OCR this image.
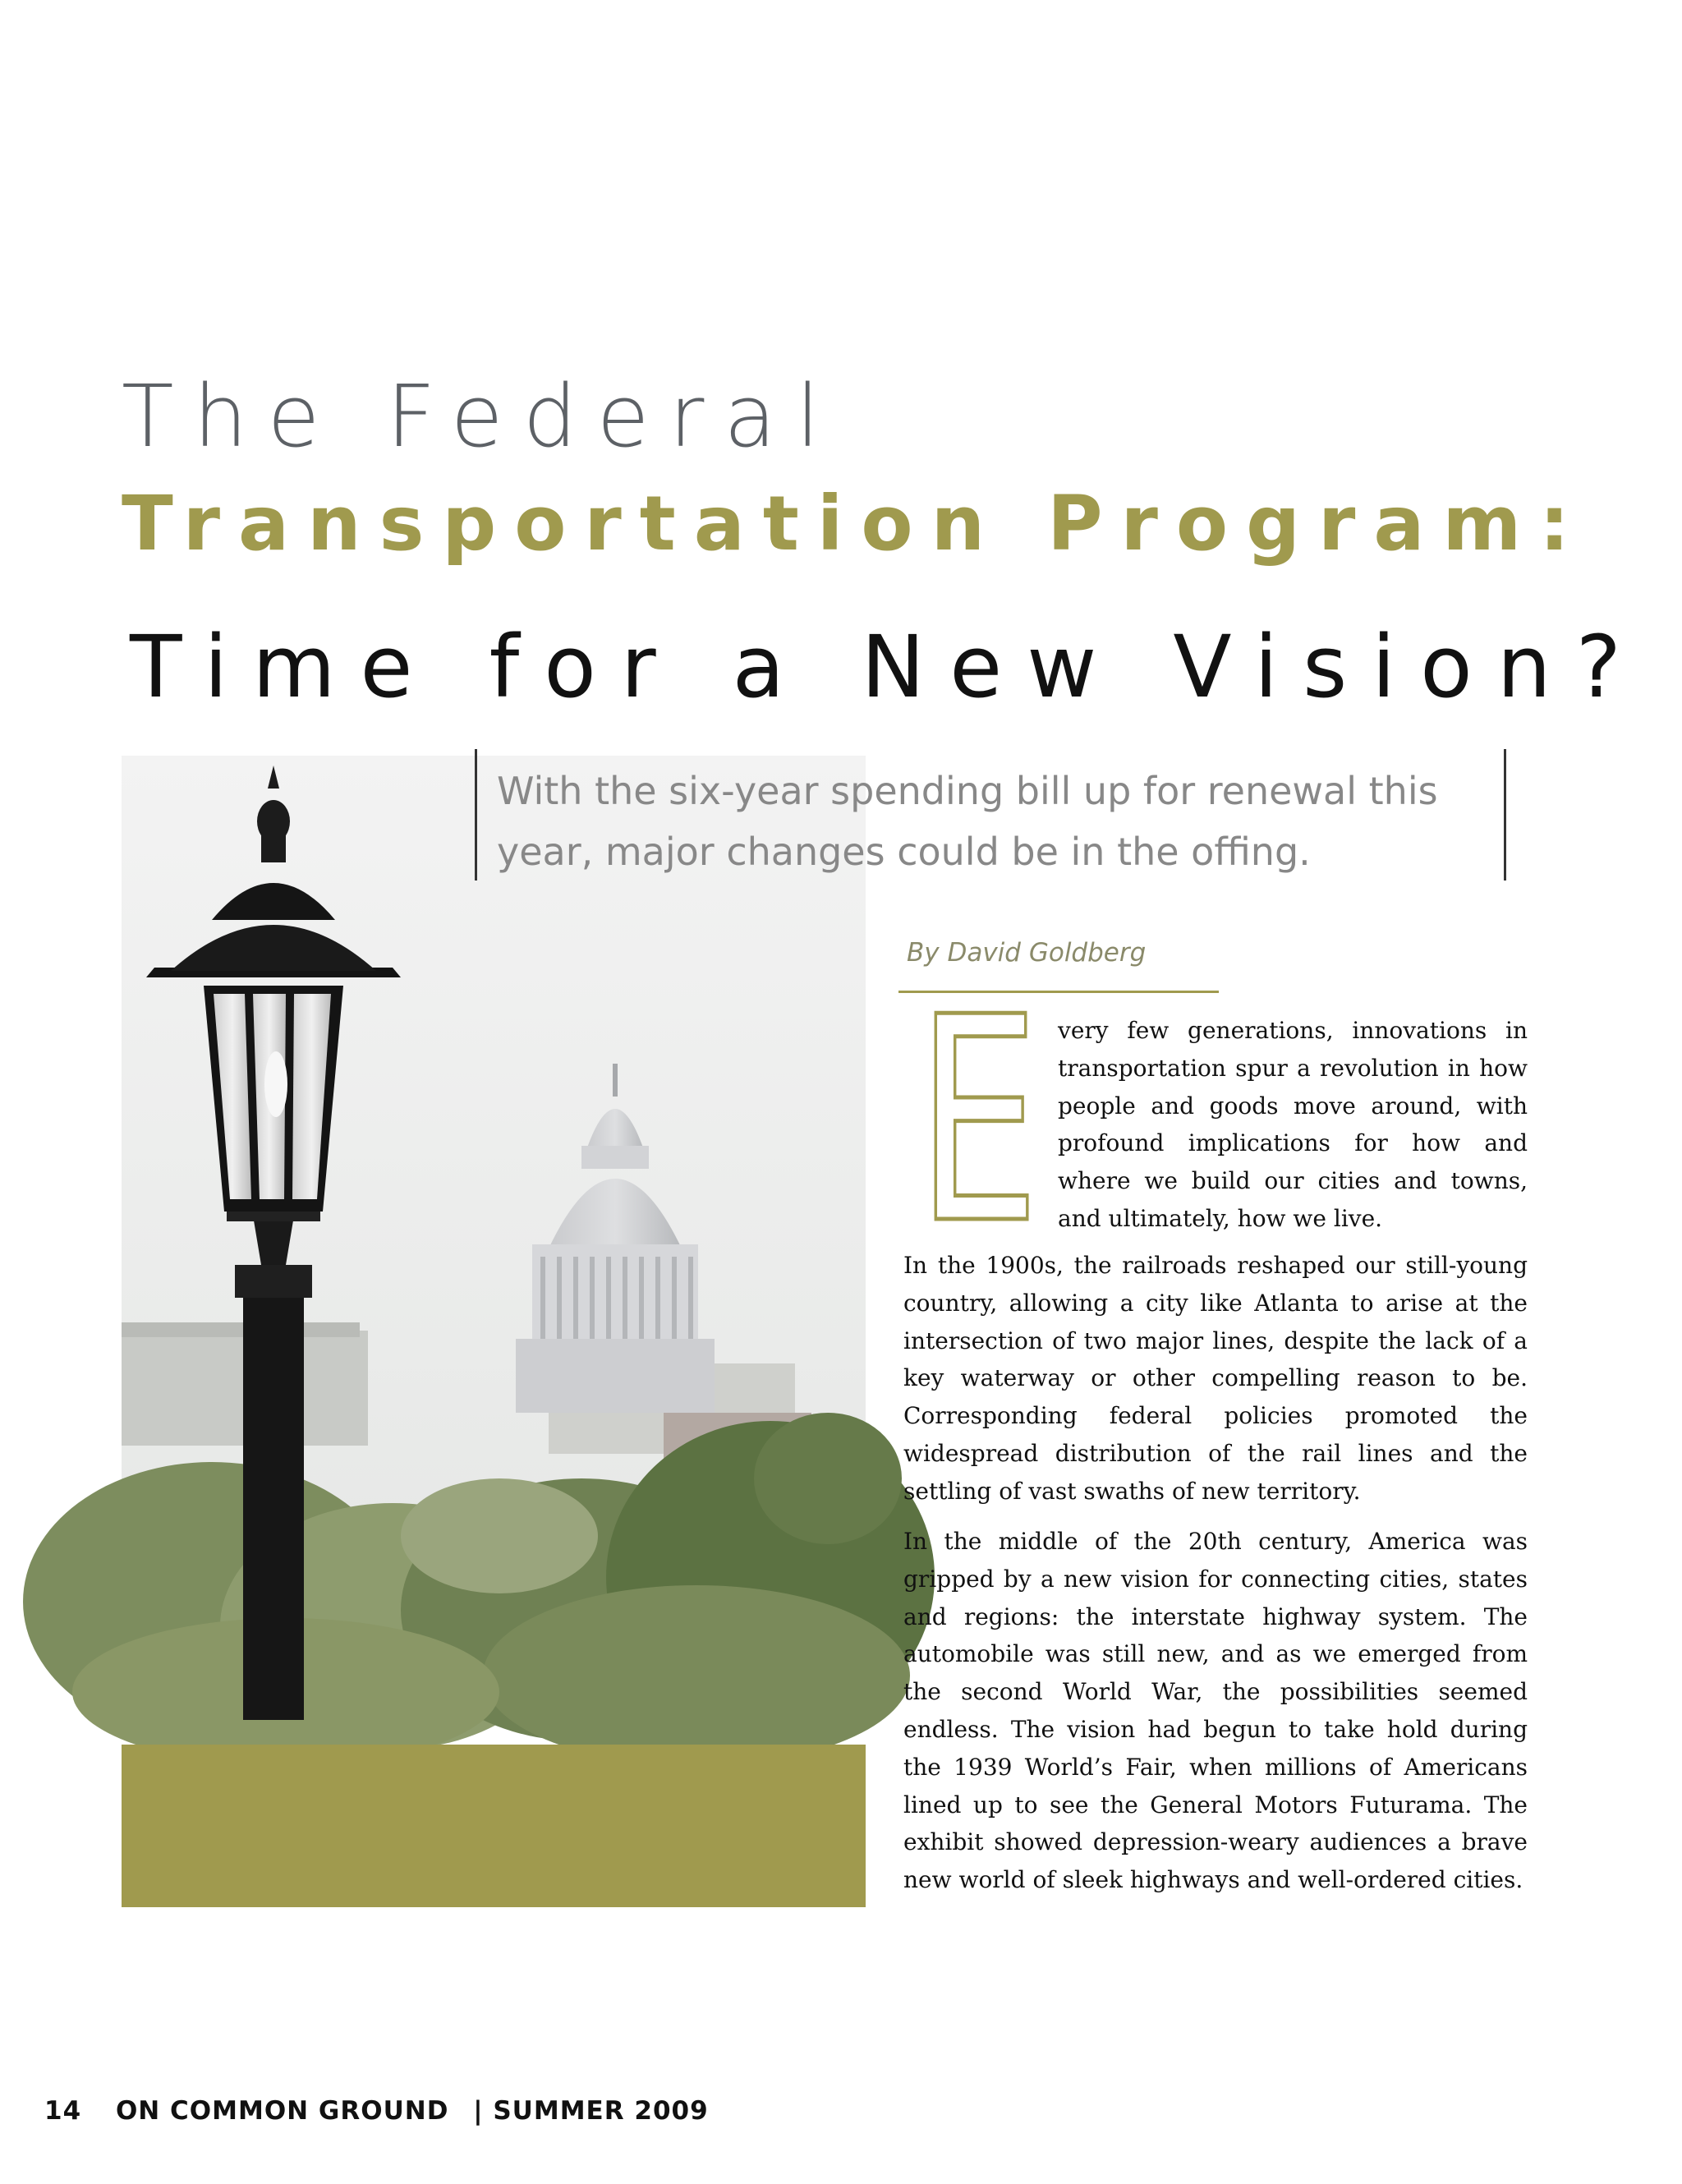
The Federal
Transportation Program:
Time for a New Vision?

With the six-year spending bill up for renewal this year, major changes could be in the offing.

By David Goldberg
E very few generations, innovations in transportation spur a revolution in how people and goods move around, with profound implications for how and where we build our cities and towns, and ultimately, how we live.

In the 1900s, the railroads reshaped our still-young country, allowing a city like Atlanta to arise at the intersection of two major lines, despite the lack of a key waterway or other compelling reason to be. Corresponding federal policies promoted the widespread distribution of the rail lines and the settling of vast swaths of new territory.

In the middle of the 20th century, America was gripped by a new vision for connecting cities, states and regions: the interstate highway system. The automobile was still new, and as we emerged from the second World War, the possibilities seemed endless. The vision had begun to take hold during the 1939 World’s Fair, when millions of Americans lined up to see the General Motors Futurama. The exhibit showed depression-weary audiences a brave new world of sleek highways and well-ordered cities.

14 ON COMMON GROUND | SUMMER 2009
